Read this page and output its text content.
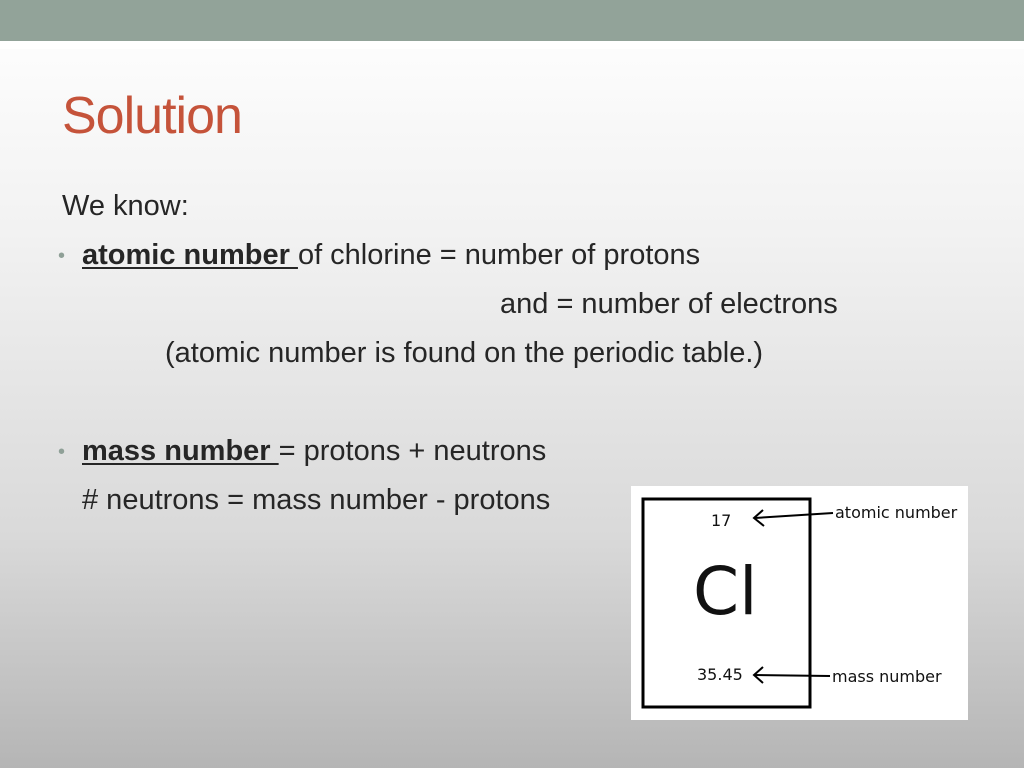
Solution
We know:
• atomic number of chlorine = number of protons
and = number of electrons
(atomic number is found on the periodic table.)
• mass number = protons + neutrons
# neutrons = mass number - protons
17
Cl
35.45
atomic number
mass number
